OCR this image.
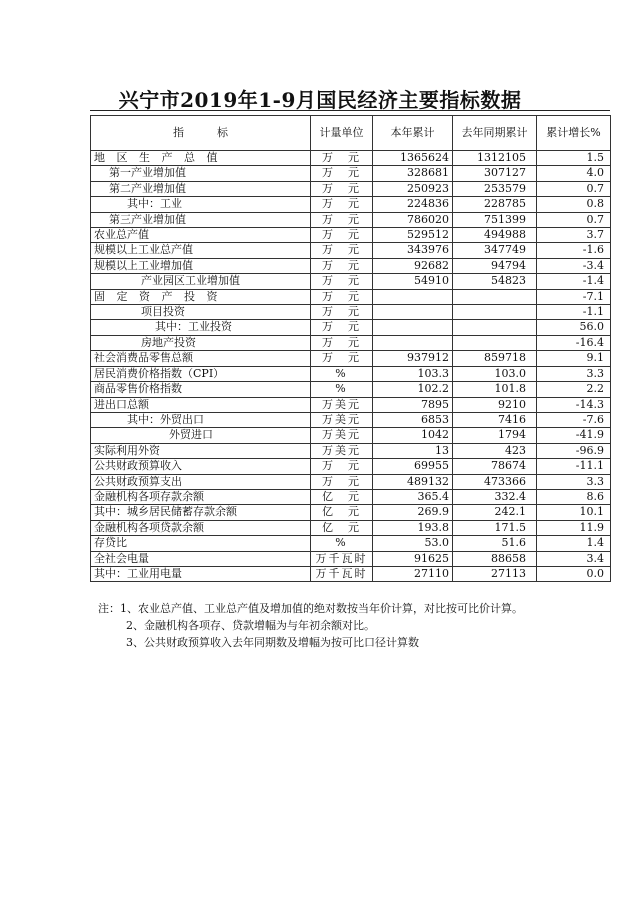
兴宁市2019年1-9月国民经济主要指标数据
指　　　标	计量单位	本年累计	去年同期累计	累计增长%
地 区 生 产 总 值	万　元	1365624	1312105	1.5
第一产业增加值	万　元	328681	307127	4.0
第二产业增加值	万　元	250923	253579	0.7
其中：工业	万　元	224836	228785	0.8
第三产业增加值	万　元	786020	751399	0.7
农业总产值	万　元	529512	494988	3.7
规模以上工业总产值	万　元	343976	347749	-1.6
规模以上工业增加值	万　元	92682	94794	-3.4
产业园区工业增加值	万　元	54910	54823	-1.4
固 定 资 产 投 资	万　元			-7.1
项目投资	万　元			-1.1
其中：工业投资	万　元			56.0
房地产投资	万　元			-16.4
社会消费品零售总额	万　元	937912	859718	9.1
居民消费价格指数（CPI）	%	103.3	103.0	3.3
商品零售价格指数	%	102.2	101.8	2.2
进出口总额	万美元	7895	9210	-14.3
其中：外贸出口	万美元	6853	7416	-7.6
外贸进口	万美元	1042	1794	-41.9
实际利用外资	万美元	13	423	-96.9
公共财政预算收入	万　元	69955	78674	-11.1
公共财政预算支出	万　元	489132	473366	3.3
金融机构各项存款余额	亿　元	365.4	332.4	8.6
其中：城乡居民储蓄存款余额	亿　元	269.9	242.1	10.1
金融机构各项贷款余额	亿　元	193.8	171.5	11.9
存贷比	%	53.0	51.6	1.4
全社会电量	万千瓦时	91625	88658	3.4
其中：工业用电量	万千瓦时	27110	27113	0.0
注：1、农业总产值、工业总产值及增加值的绝对数按当年价计算，对比按可比价计算。
2、金融机构各项存、贷款增幅为与年初余额对比。
3、公共财政预算收入去年同期数及增幅为按可比口径计算数
